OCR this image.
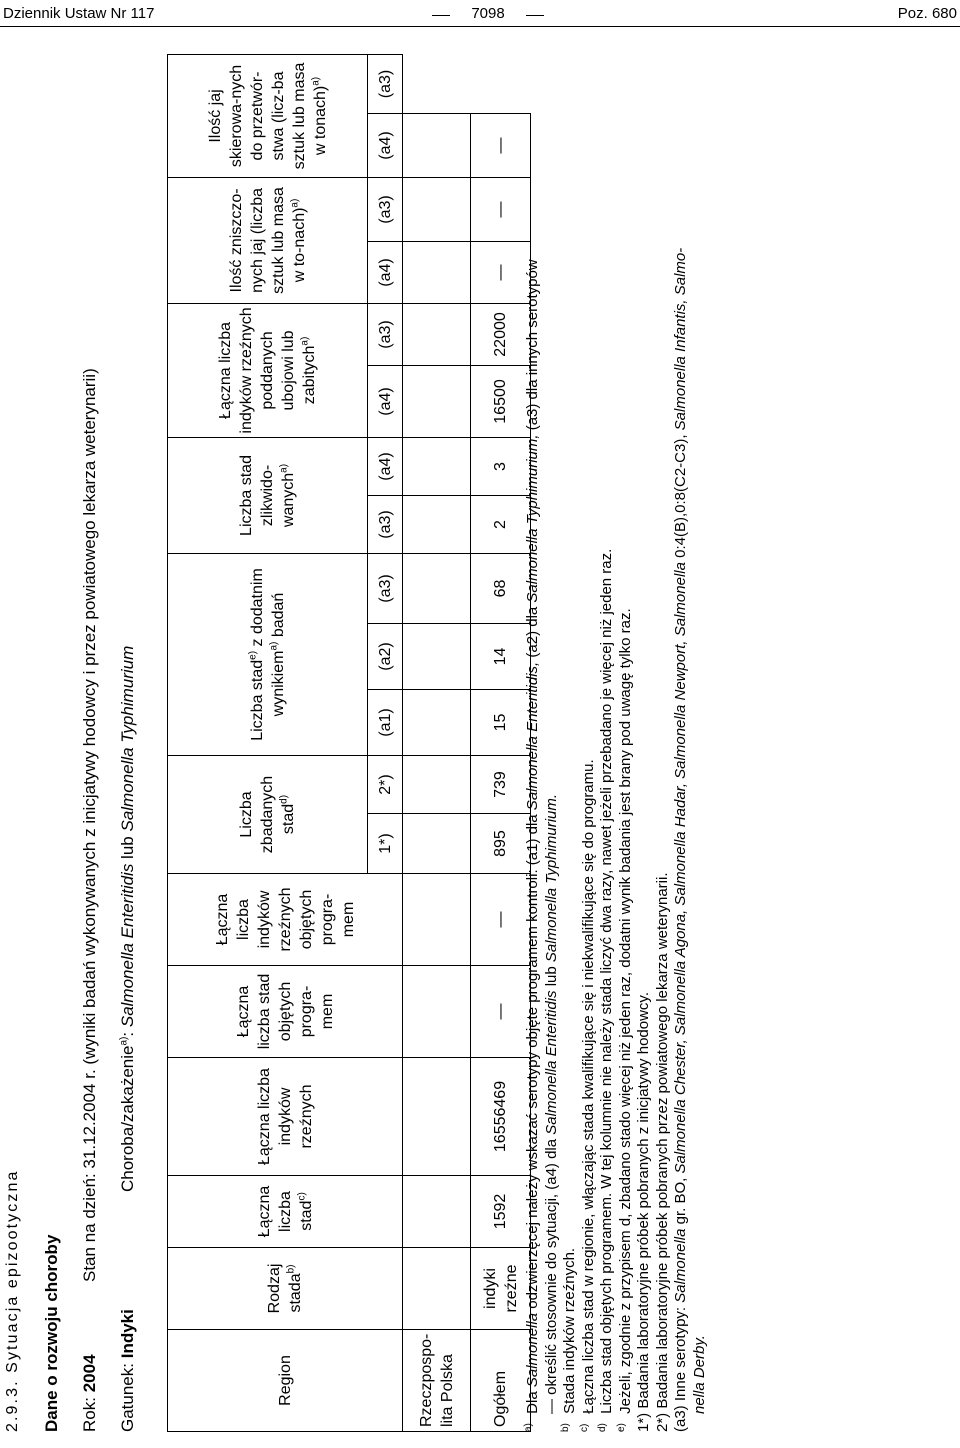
Dziennik Ustaw Nr 117	7098	Poz. 680
2.9.3. Sytuacja epizootyczna Dane o rozwoju choroby Rok: 2004Stan na dzień: 31.12.2004 r. (wyniki badań wykonywanych z inicjatywy hodowcy i przez powiatowego lekarza weterynarii)
Gatunek: IndykiChoroba/zakażenie$^{a)}$: Salmonella Enteritidis lub Salmonella Typhimurium
Region	Rodzaj stada$^{b)}$	Łączna liczba stad$^{c)}$	Łączna liczba indyków rzeźnych	Łączna liczba stad objętych progra-mem	Łączna liczba indyków rzeźnych objętych progra-mem	Liczba zbadanych stad$^{d)}$		Liczba stad$^{e)}$ z dodatnim wynikiem$^{a)}$ badań			Liczba stad zlikwido-wanych$^{a)}$		Łączna liczba indyków rzeźnych poddanych ubojowi lub zabitych$^{a)}$		Ilość zniszczo-nych jaj (liczba sztuk lub masa w to-nach)$^{a)}$		Ilość jaj skierowa-nych do przetwór-stwa (licz-ba sztuk lub masa w tonach)$^{a)}$
						1*)	2*)	(a1)	(a2)	(a3)	(a3)	(a4)	(a4)	(a3)	(a4)	(a3)	(a4)	(a3)
Rzeczpospo-lita Polska																		
Ogółem	indyki rzeźne	1592	16556469	—	—	895	739	15	14	68	2	3	16500	22000	—	—	—	

$^{a)}$ Dla Salmonella odzwierzęcej należy wskazać serotypy objęte programem kontroli: (a1) dla Salmonella Enteritidis, (a2) dla Salmonella Typhimurium, (a3) dla innych serotypów

— określić stosownie do sytuacji, (a4) dla Salmonella Enteritidis lub Salmonella Typhimurium.

$^{b)}$ Stada indyków rzeźnych.

$^{c)}$ Łączna liczba stad w regionie, włączając stada kwalifikujące się i niekwalifikujące się do programu.

$^{d)}$ Liczba stad objętych programem. W tej kolumnie nie należy stada liczyć dwa razy, nawet jeżeli przebadano je więcej niż jeden raz.

$^{e)}$ Jeżeli, zgodnie z przypisem d, zbadano stado więcej niż jeden raz, dodatni wynik badania jest brany pod uwagę tylko raz.

1*) Badania laboratoryjne próbek pobranych z inicjatywy hodowcy.

2*) Badania laboratoryjne próbek pobranych przez powiatowego lekarza weterynarii.

(a3) Inne serotypy: Salmonella gr. BO, Salmonella Chester, Salmonella Agona, Salmonella Hadar, Salmonella Newport, Salmonella 0:4(B),0:8(C2-C3), Salmonella Infantis, Salmo-

nella Derby.
